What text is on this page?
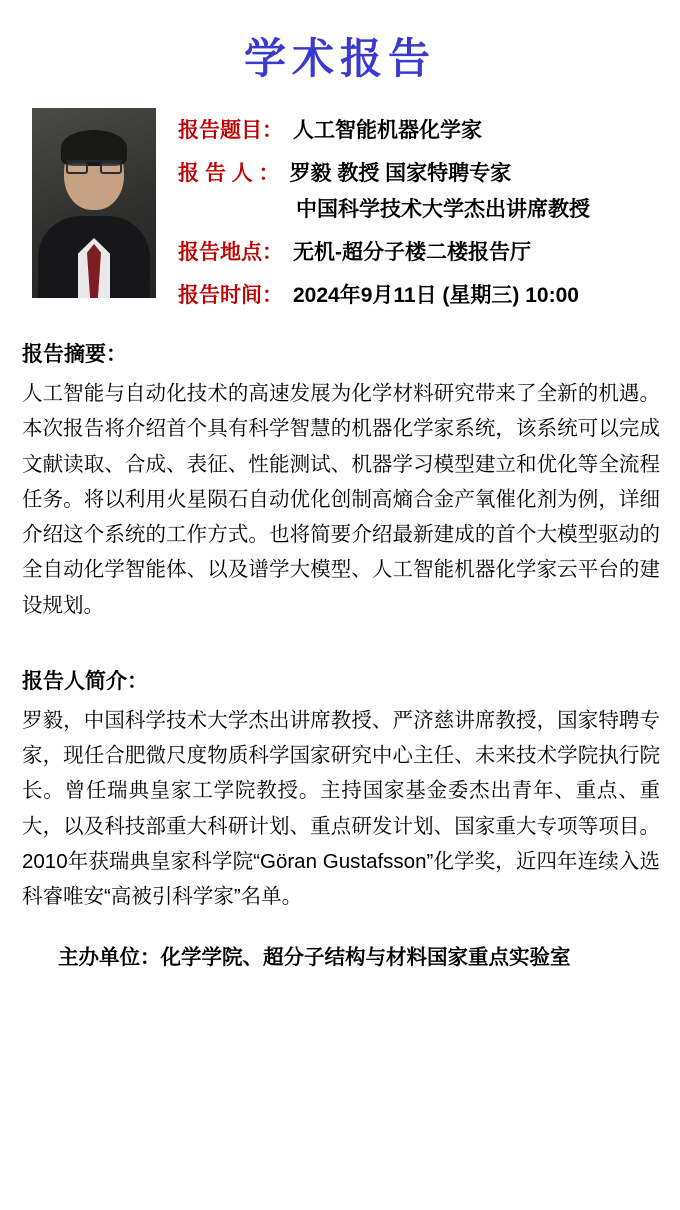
学术报告
报告题目： 人工智能机器化学家
报 告 人 ： 罗毅 教授 国家特聘专家
中国科学技术大学杰出讲席教授
报告地点： 无机-超分子楼二楼报告厅
报告时间： 2024年9月11日 (星期三) 10:00
报告摘要：
人工智能与自动化技术的高速发展为化学材料研究带来了全新的机遇。本次报告将介绍首个具有科学智慧的机器化学家系统，该系统可以完成文献读取、合成、表征、性能测试、机器学习模型建立和优化等全流程任务。将以利用火星陨石自动优化创制高熵合金产氧催化剂为例，详细介绍这个系统的工作方式。也将简要介绍最新建成的首个大模型驱动的全自动化学智能体、以及谱学大模型、人工智能机器化学家云平台的建设规划。
报告人简介：
罗毅，中国科学技术大学杰出讲席教授、严济慈讲席教授，国家特聘专家，现任合肥微尺度物质科学国家研究中心主任、未来技术学院执行院长。曾任瑞典皇家工学院教授。主持国家基金委杰出青年、重点、重大，以及科技部重大科研计划、重点研发计划、国家重大专项等项目。2010年获瑞典皇家科学院“Göran Gustafsson”化学奖，近四年连续入选科睿唯安“高被引科学家”名单。
主办单位：化学学院、超分子结构与材料国家重点实验室
